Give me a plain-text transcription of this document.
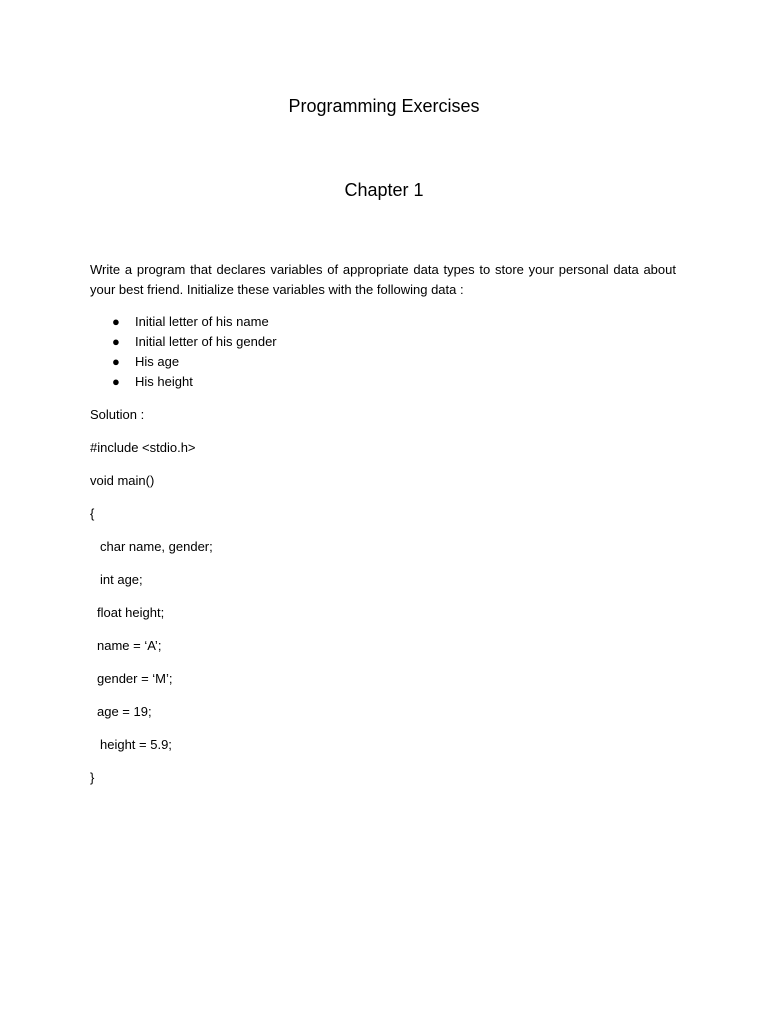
Programming Exercises
Chapter 1

Write a program that declares variables of appropriate data types to store your personal data about your best friend. Initialize these variables with the following data :

● Initial letter of his name
● Initial letter of his gender
● His age
● His height

Solution :

#include <stdio.h>

void main()

{

char name, gender;

int age;

float height;

name = ‘A’;

gender = ‘M’;

age = 19;

height = 5.9;

}
